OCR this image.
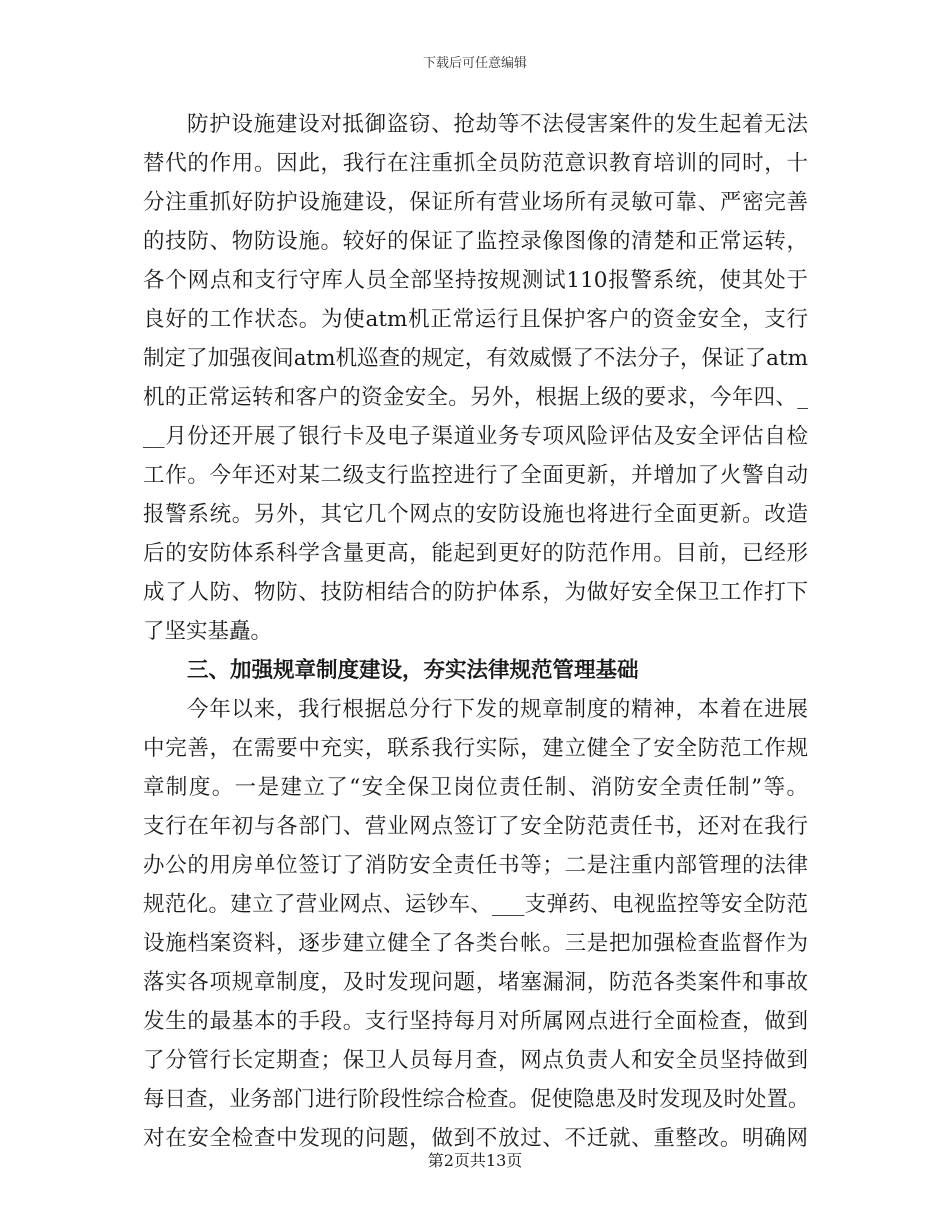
下载后可任意编辑
防护设施建设对抵御盗窃、抢劫等不法侵害案件的发生起着无法
替代的作用。因此，我行在注重抓全员防范意识教育培训的同时，十
分注重抓好防护设施建设，保证所有营业场所有灵敏可靠、严密完善
的技防、物防设施。较好的保证了监控录像图像的清楚和正常运转，
各个网点和支行守库人员全部坚持按规测试110报警系统，使其处于
良好的工作状态。为使atm机正常运行且保护客户的资金安全，支行
制定了加强夜间atm机巡查的规定，有效威慑了不法分子，保证了atm
机的正常运转和客户的资金安全。另外，根据上级的要求，今年四、_
__月份还开展了银行卡及电子渠道业务专项风险评估及安全评估自检
工作。今年还对某二级支行监控进行了全面更新，并增加了火警自动
报警系统。另外，其它几个网点的安防设施也将进行全面更新。改造
后的安防体系科学含量更高，能起到更好的防范作用。目前，已经形
成了人防、物防、技防相结合的防护体系，为做好安全保卫工作打下
了坚实基矗。
三、加强规章制度建设，夯实法律规范管理基础
今年以来，我行根据总分行下发的规章制度的精神，本着在进展
中完善，在需要中充实，联系我行实际，建立健全了安全防范工作规
章制度。一是建立了“安全保卫岗位责任制、消防安全责任制”等。
支行在年初与各部门、营业网点签订了安全防范责任书，还对在我行
办公的用房单位签订了消防安全责任书等；二是注重内部管理的法律
规范化。建立了营业网点、运钞车、___支弹药、电视监控等安全防范
设施档案资料，逐步建立健全了各类台帐。三是把加强检查监督作为
落实各项规章制度，及时发现问题，堵塞漏洞，防范各类案件和事故
发生的最基本的手段。支行坚持每月对所属网点进行全面检查，做到
了分管行长定期查；保卫人员每月查，网点负责人和安全员坚持做到
每日查，业务部门进行阶段性综合检查。促使隐患及时发现及时处置。
对在安全检查中发现的问题，做到不放过、不迁就、重整改。明确网
第2页共13页
